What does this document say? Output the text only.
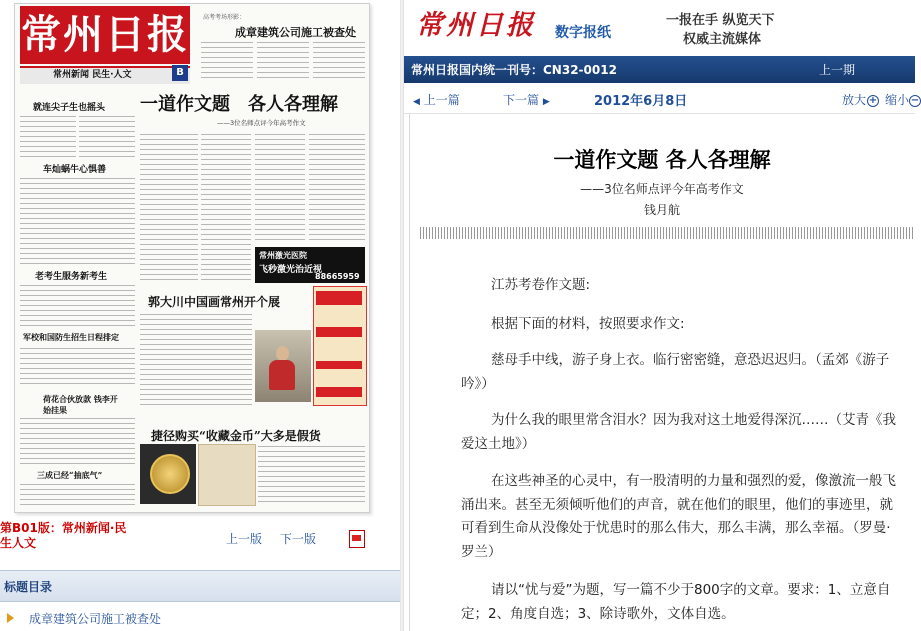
常州日报
常州新闻 民生·人文	B
高考考场形影：
成章建筑公司施工被查处
就连尖子生也摇头
车灿蜗牛心惧善
老考生服务新考生
军校和国防生招生日程排定
荷花合伙放款 钱李开始挂果
三成已经“抽底气”
一道作文题　各人各理解
——3位名师点评今年高考作文
常州激光医院
飞秒激光治近视
88665959
郭大川中国画常州开个展
捷径购买“收藏金币”大多是假货
第B01版：常州新闻·民生人文	上一版 下一版
标题目录
成章建筑公司施工被查处
常州日报 数字报纸
一报在手 纵览天下
权威主流媒体
常州日报国内统一刊号：CN32-0012	上一期
◀ 上一篇	下一篇 ▶	2012年6月8日	放大 + 缩小 −
一道作文题 各人各理解
——3位名师点评今年高考作文
钱月航
江苏考卷作文题:
根据下面的材料，按照要求作文:
慈母手中线，游子身上衣。临行密密缝，意恐迟迟归。（孟郊《游子吟》）
为什么我的眼里常含泪水？因为我对这土地爱得深沉……（艾青《我爱这土地》）
在这些神圣的心灵中，有一股清明的力量和强烈的爱，像激流一般飞涌出来。甚至无须倾听他们的声音，就在他们的眼里，他们的事迹里，就可看到生命从没像处于忧患时的那么伟大，那么丰满，那么幸福。（罗曼·罗兰）
请以“忧与爱”为题，写一篇不少于800字的文章。要求：1、立意自定；2、角度自选；3、除诗歌外，文体自选。
